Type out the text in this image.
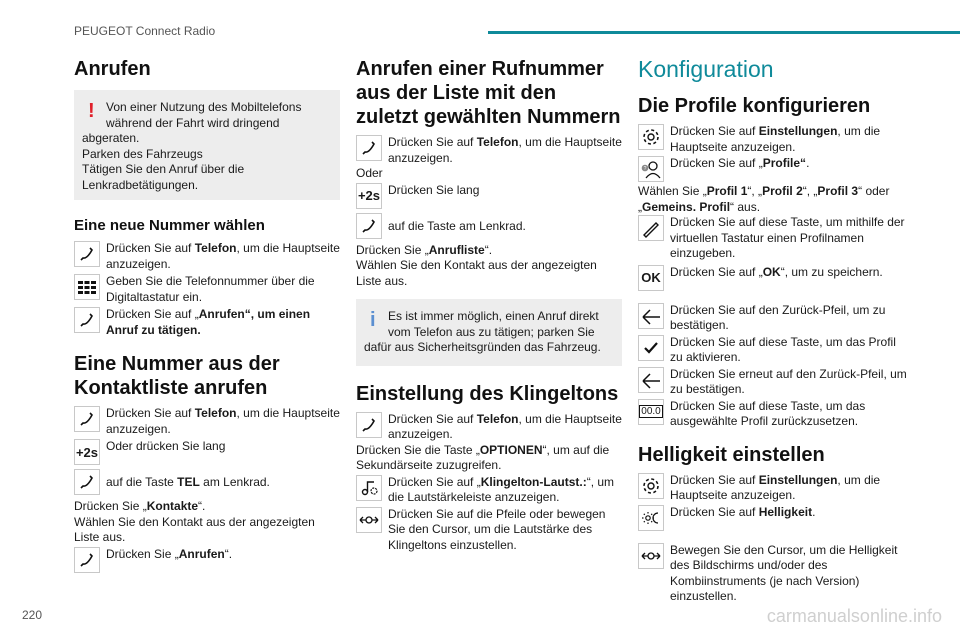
PEUGEOT Connect Radio
Anrufen
! Von einer Nutzung des Mobiltelefons
während der Fahrt wird dringend
abgeraten.
Parken des Fahrzeugs
Tätigen Sie den Anruf über die Lenkradbetätigungen.
Eine neue Nummer wählen
Drücken Sie auf Telefon, um die Hauptseite anzuzeigen.
Geben Sie die Telefonnummer über die Digitaltastatur ein.
Drücken Sie auf „Anrufen“, um einen Anruf zu tätigen.
Eine Nummer aus der Kontaktliste anrufen
Drücken Sie auf Telefon, um die Hauptseite anzuzeigen.
+2s Oder drücken Sie lang
auf die Taste TEL am Lenkrad.
Drücken Sie „Kontakte“.
Wählen Sie den Kontakt aus der angezeigten Liste aus.
Drücken Sie „Anrufen“.
Anrufen einer Rufnummer aus der Liste mit den zuletzt gewählten Nummern
Drücken Sie auf Telefon, um die Hauptseite anzuzeigen.
Oder
+2s Drücken Sie lang
auf die Taste am Lenkrad.
Drücken Sie „Anrufliste“.
Wählen Sie den Kontakt aus der angezeigten Liste aus.
i	Es ist immer möglich, einen Anruf direkt
vom Telefon aus zu tätigen; parken Sie
dafür aus Sicherheitsgründen das Fahrzeug.
Einstellung des Klingeltons
Drücken Sie auf Telefon, um die Hauptseite anzuzeigen.
Drücken Sie die Taste „OPTIONEN“, um auf die Sekundärseite zuzugreifen.
Drücken Sie auf „Klingelton-Lautst.:“, um die Lautstärkeleiste anzuzeigen.
Drücken Sie auf die Pfeile oder bewegen Sie den Cursor, um die Lautstärke des Klingeltons einzustellen.
Konfiguration
Die Profile konfigurieren
Drücken Sie auf Einstellungen, um die Hauptseite anzuzeigen.
? Drücken Sie auf „Profile“.
Wählen Sie „Profil 1“, „Profil 2“, „Profil 3“ oder „Gemeins. Profil“ aus.
Drücken Sie auf diese Taste, um mithilfe der virtuellen Tastatur einen Profilnamen einzugeben.
OK Drücken Sie auf „OK“, um zu speichern.
Drücken Sie auf den Zurück-Pfeil, um zu bestätigen.
Drücken Sie auf diese Taste, um das Profil zu aktivieren.
Drücken Sie erneut auf den Zurück-Pfeil, um zu bestätigen.
00.0 Drücken Sie auf diese Taste, um das ausgewählte Profil zurückzusetzen.
Helligkeit einstellen
Drücken Sie auf Einstellungen, um die Hauptseite anzuzeigen.
Drücken Sie auf Helligkeit.
Bewegen Sie den Cursor, um die Helligkeit des Bildschirms und/oder des Kombiinstruments (je nach Version) einzustellen.
220	carmanualsonline.info
